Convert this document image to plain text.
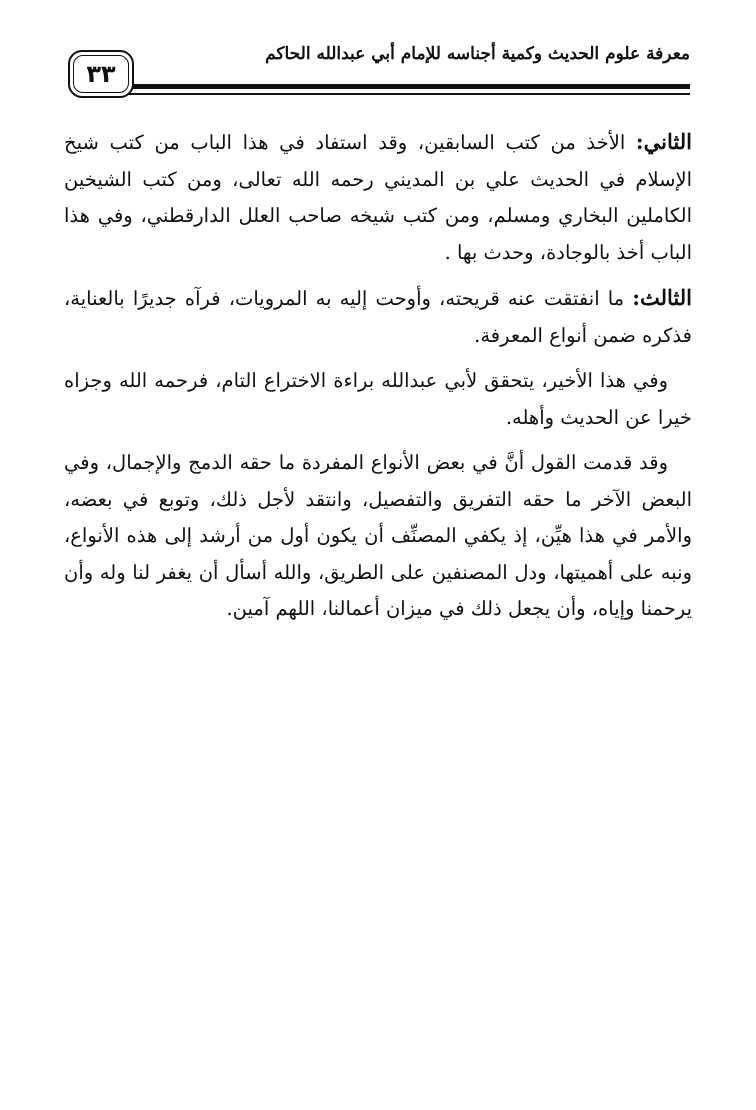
٣٣
معرفة علوم الحديث وكمية أجناسه للإمام أبي عبدالله الحاكم

الثاني: الأخذ من كتب السابقين، وقد استفاد في هذا الباب من كتب شيخ الإسلام في الحديث علي بن المديني رحمه الله تعالى، ومن كتب الشيخين الكاملين البخاري ومسلم، ومن كتب شيخه صاحب العلل الدارقطني، وفي هذا الباب أخذ بالوجادة، وحدث بها .

الثالث: ما انفتقت عنه قريحته، وأوحت إليه به المرويات، فرآه جديرًا بالعناية، فذكره ضمن أنواع المعرفة.

وفي هذا الأخير، يتحقق لأبي عبدالله براءة الاختراع التام، فرحمه الله وجزاه خيرا عن الحديث وأهله.

وقد قدمت القول أنَّ في بعض الأنواع المفردة ما حقه الدمج والإجمال، وفي البعض الآخر ما حقه التفريق والتفصيل، وانتقد لأجل ذلك، وتوبع في بعضه، والأمر في هذا هيِّن، إذ يكفي المصنِّف أن يكون أول من أرشد إلى هذه الأنواع، ونبه على أهميتها، ودل المصنفين على الطريق، والله أسأل أن يغفر لنا وله وأن يرحمنا وإياه، وأن يجعل ذلك في ميزان أعمالنا، اللهم آمين.
